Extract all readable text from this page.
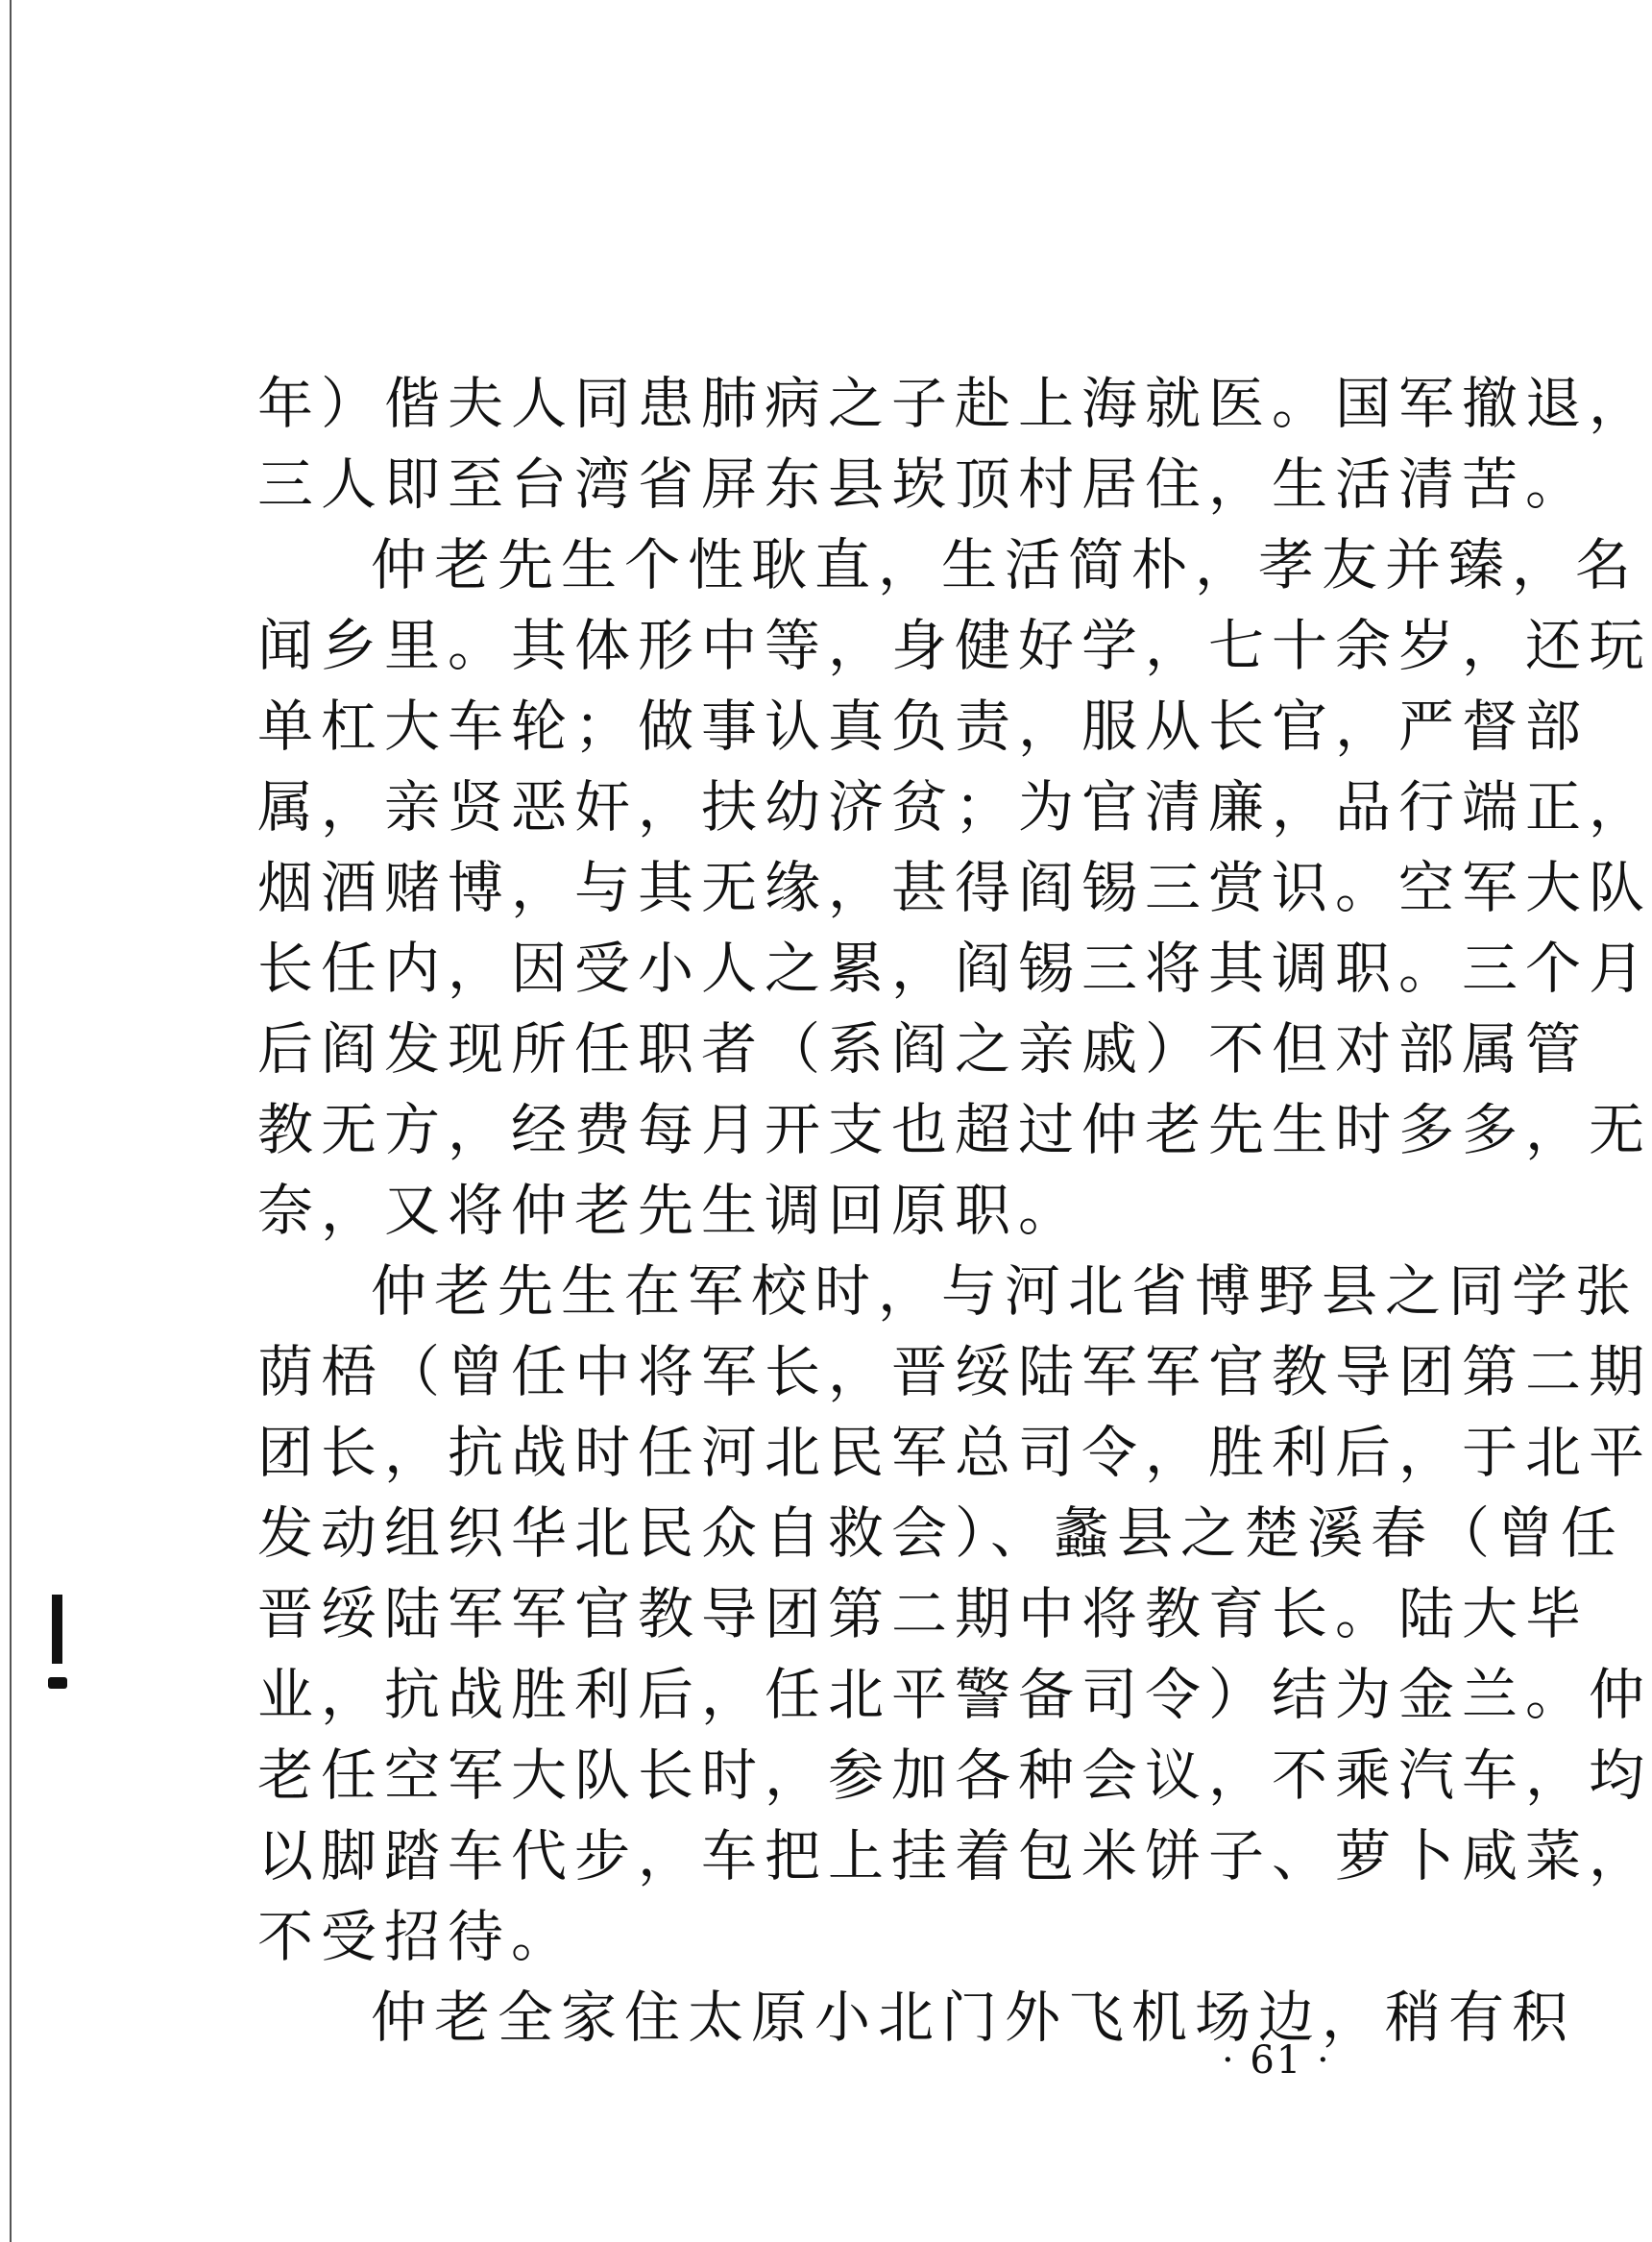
年）偕夫人同患肺病之子赴上海就医。国军撤退，
三人即至台湾省屏东县崁顶村居住，生活清苦。
仲老先生个性耿直，生活简朴，孝友并臻，名
闻乡里。其体形中等，身健好学，七十余岁，还玩
单杠大车轮；做事认真负责，服从长官，严督部
属，亲贤恶奸，扶幼济贫；为官清廉，品行端正，
烟酒赌博，与其无缘，甚得阎锡三赏识。空军大队
长任内，因受小人之累，阎锡三将其调职。三个月
后阎发现所任职者（系阎之亲戚）不但对部属管
教无方，经费每月开支也超过仲老先生时多多，无
奈，又将仲老先生调回原职。
仲老先生在军校时，与河北省博野县之同学张
荫梧（曾任中将军长，晋绥陆军军官教导团第二期
团长，抗战时任河北民军总司令，胜利后，于北平
发动组织华北民众自救会）、蠡县之楚溪春（曾任
晋绥陆军军官教导团第二期中将教育长。陆大毕
业，抗战胜利后，任北平警备司令）结为金兰。仲
老任空军大队长时，参加各种会议，不乘汽车，均
以脚踏车代步，车把上挂着包米饼子、萝卜咸菜，
不受招待。
仲老全家住太原小北门外飞机场边，稍有积
· 61 ·
